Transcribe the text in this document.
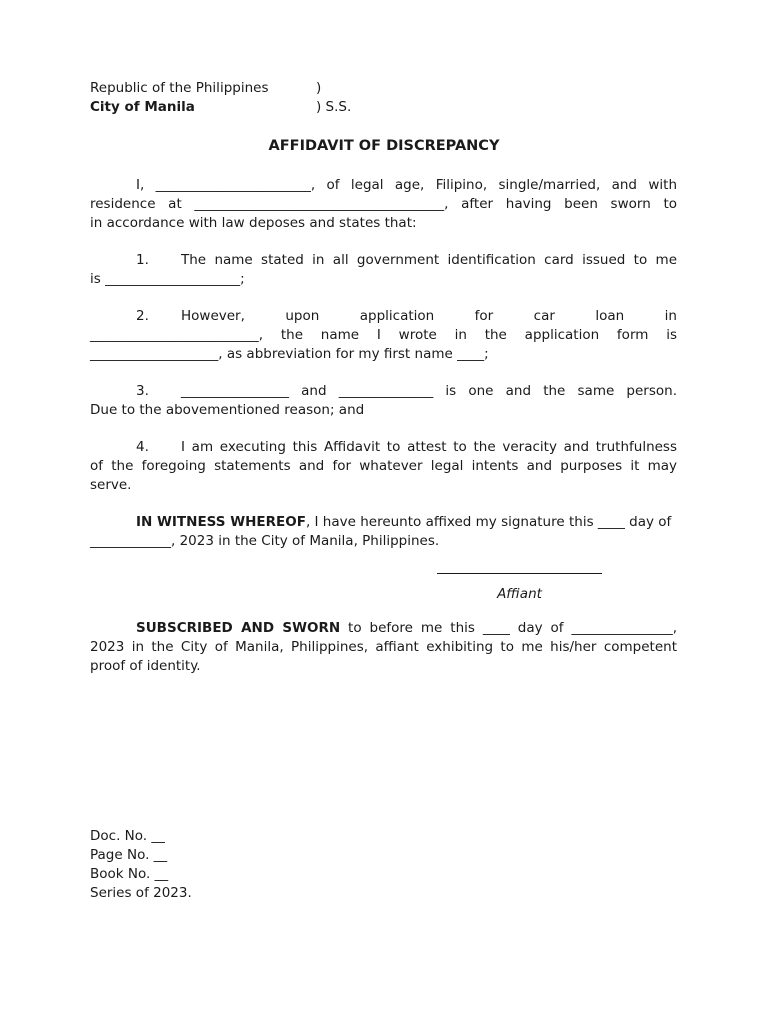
Republic of the Philippines	)
City of Manila	) S.S.
AFFIDAVIT OF DISCREPANCY
I, _______________________, of legal age, Filipino, single/married, and with
residence at _____________________________________, after having been sworn to
in accordance with law deposes and states that:
1. The name stated in all government identification card issued to me
is ____________________;
2. However, upon application for car loan in
_________________________, the name I wrote in the application form is
___________________, as abbreviation for my first name ____;
3. ________________ and ______________ is one and the same person.
Due to the abovementioned reason; and
4. I am executing this Affidavit to attest to the veracity and truthfulness
of the foregoing statements and for whatever legal intents and purposes it may
serve.
IN WITNESS WHEREOF, I have hereunto affixed my signature this ____ day of
____________, 2023 in the City of Manila, Philippines.
Affiant
SUBSCRIBED AND SWORN to before me this ____ day of _______________,
2023 in the City of Manila, Philippines, affiant exhibiting to me his/her competent
proof of identity.
Doc. No. __
Page No. __
Book No. __
Series of 2023.
